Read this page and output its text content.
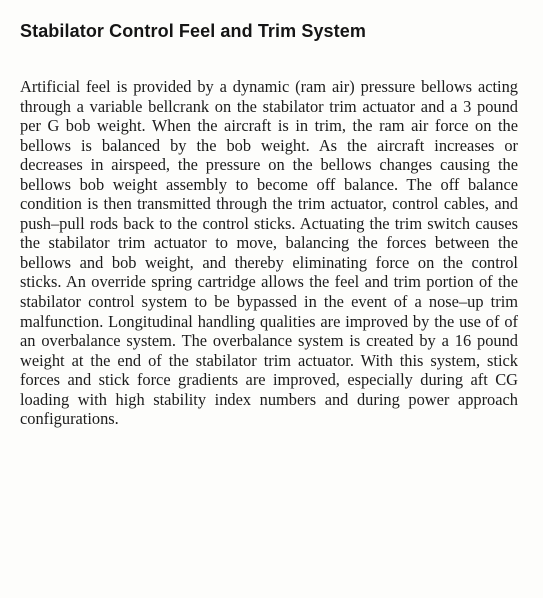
Stabilator Control Feel and Trim System

Artificial feel is provided by a dynamic (ram air) pressure bellows acting through a variable bellcrank on the stabilator trim actuator and a 3 pound per G bob weight. When the aircraft is in trim, the ram air force on the bellows is balanced by the bob weight. As the aircraft increases or decreases in airspeed, the pressure on the bellows changes causing the bellows bob weight assembly to become off balance. The off balance condition is then transmitted through the trim actuator, control cables, and push–pull rods back to the control sticks. Actuating the trim switch causes the stabilator trim actuator to move, balancing the forces between the bellows and bob weight, and thereby eliminating force on the control sticks. An override spring cartridge allows the feel and trim portion of the stabilator control system to be bypassed in the event of a nose–up trim malfunction. Longitudinal handling qualities are improved by the use of of an overbalance system. The overbalance system is created by a 16 pound weight at the end of the stabilator trim actuator. With this system, stick forces and stick force gradients are improved, especially during aft CG loading with high stability index numbers and during power approach configurations.
